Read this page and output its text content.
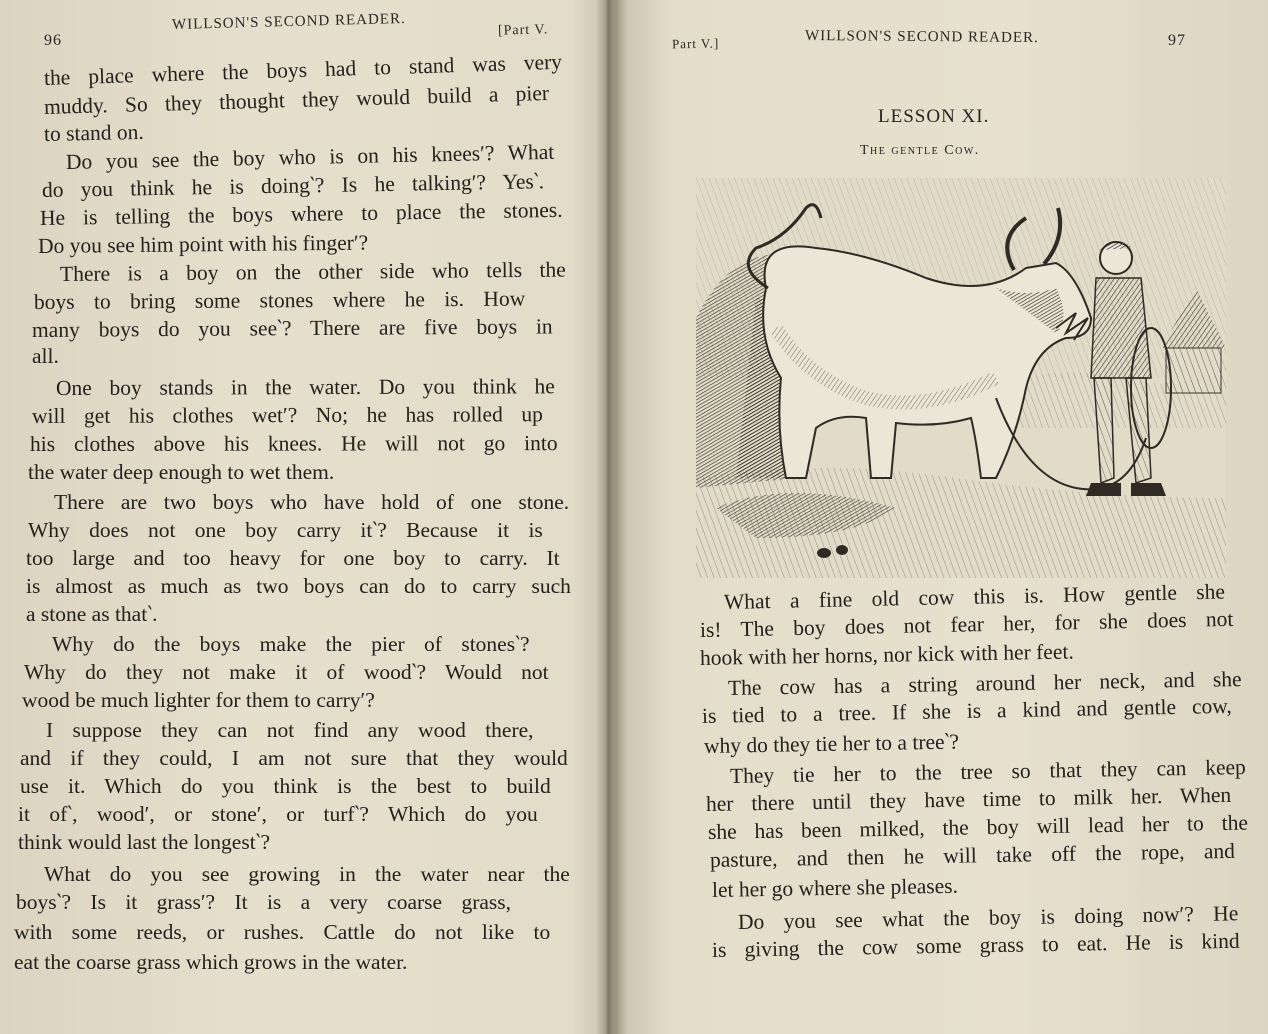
96
WILLSON'S SECOND READER.	[Part V.
the place where the boys had to stand was very
muddy. So they thought they would build a pier
to stand on.
Do you see the boy who is on his knees′? What
do you think he is doing‵? Is he talking′? Yes‵.
He is telling the boys where to place the stones.
Do you see him point with his finger′?
There is a boy on the other side who tells the
boys to bring some stones where he is. How
many boys do you see‵? There are five boys in
all.
One boy stands in the water. Do you think he
will get his clothes wet′? No; he has rolled up
his clothes above his knees. He will not go into
the water deep enough to wet them.
There are two boys who have hold of one stone.
Why does not one boy carry it‵? Because it is
too large and too heavy for one boy to carry. It
is almost as much as two boys can do to carry such
a stone as that‵.
Why do the boys make the pier of stones‵?
Why do they not make it of wood‵? Would not
wood be much lighter for them to carry′?
I suppose they can not find any wood there,
and if they could, I am not sure that they would
use it. Which do you think is the best to build
it of‵, wood′, or stone′, or turf‵? Which do you
think would last the longest‵?
What do you see growing in the water near the
boys‵? Is it grass′? It is a very coarse grass,
with some reeds, or rushes. Cattle do not like to
eat the coarse grass which grows in the water.
Part V.]	WILLSON'S SECOND READER.	97
LESSON XI.
The gentle Cow.
What a fine old cow this is. How gentle she
is! The boy does not fear her, for she does not
hook with her horns, nor kick with her feet.
The cow has a string around her neck, and she
is tied to a tree. If she is a kind and gentle cow,
why do they tie her to a tree‵?
They tie her to the tree so that they can keep
her there until they have time to milk her. When
she has been milked, the boy will lead her to the
pasture, and then he will take off the rope, and
let her go where she pleases.
Do you see what the boy is doing now′? He
is giving the cow some grass to eat. He is kind
